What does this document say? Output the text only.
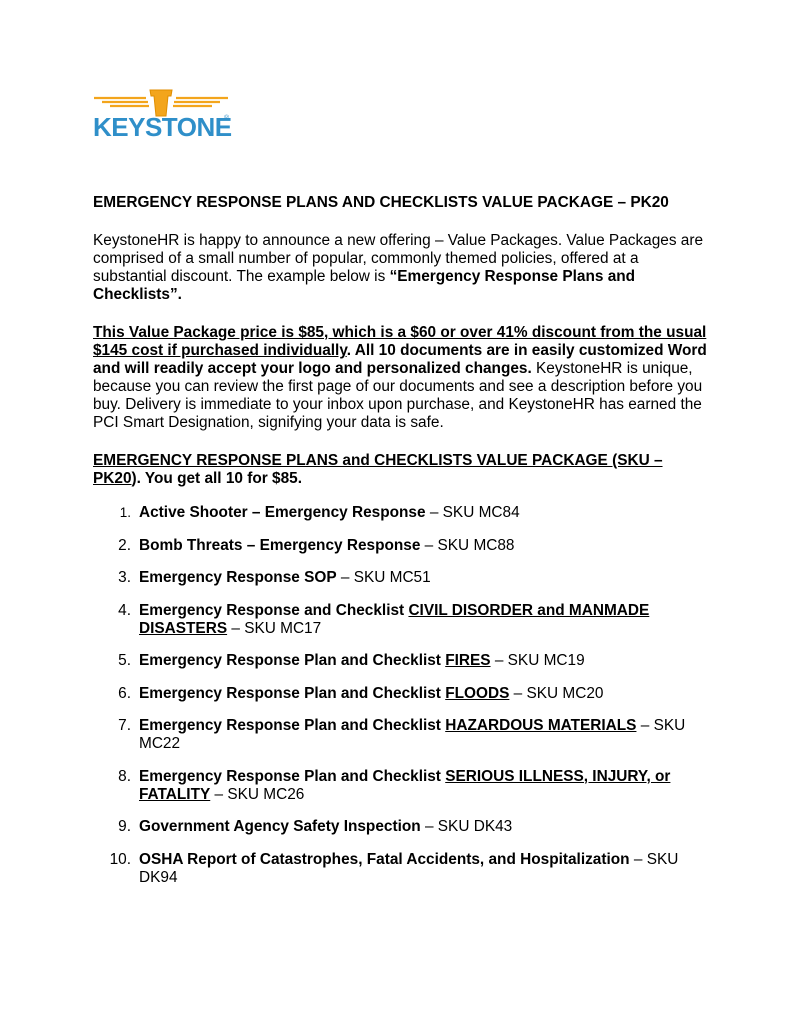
KEYSTONE
®
EMERGENCY RESPONSE PLANS AND CHECKLISTS VALUE PACKAGE – PK20

KeystoneHR is happy to announce a new offering – Value Packages. Value Packages are comprised of a small number of popular, commonly themed policies, offered at a substantial discount. The example below is “Emergency Response Plans and Checklists”.

This Value Package price is $85, which is a $60 or over 41% discount from the usual $145 cost if purchased individually. All 10 documents are in easily customized Word and will readily accept your logo and personalized changes. KeystoneHR is unique, because you can review the first page of our documents and see a description before you buy. Delivery is immediate to your inbox upon purchase, and KeystoneHR has earned the PCI Smart Designation, signifying your data is safe.

EMERGENCY RESPONSE PLANS and CHECKLISTS VALUE PACKAGE (SKU – PK20). You get all 10 for $85.

1. Active Shooter – Emergency Response – SKU MC84
2. Bomb Threats – Emergency Response – SKU MC88
3. Emergency Response SOP – SKU MC51
4. Emergency Response and Checklist CIVIL DISORDER and MANMADE DISASTERS – SKU MC17
5. Emergency Response Plan and Checklist FIRES – SKU MC19
6. Emergency Response Plan and Checklist FLOODS – SKU MC20
7. Emergency Response Plan and Checklist HAZARDOUS MATERIALS – SKU MC22
8. Emergency Response Plan and Checklist SERIOUS ILLNESS, INJURY, or FATALITY – SKU MC26
9. Government Agency Safety Inspection – SKU DK43
10. OSHA Report of Catastrophes, Fatal Accidents, and Hospitalization – SKU DK94
